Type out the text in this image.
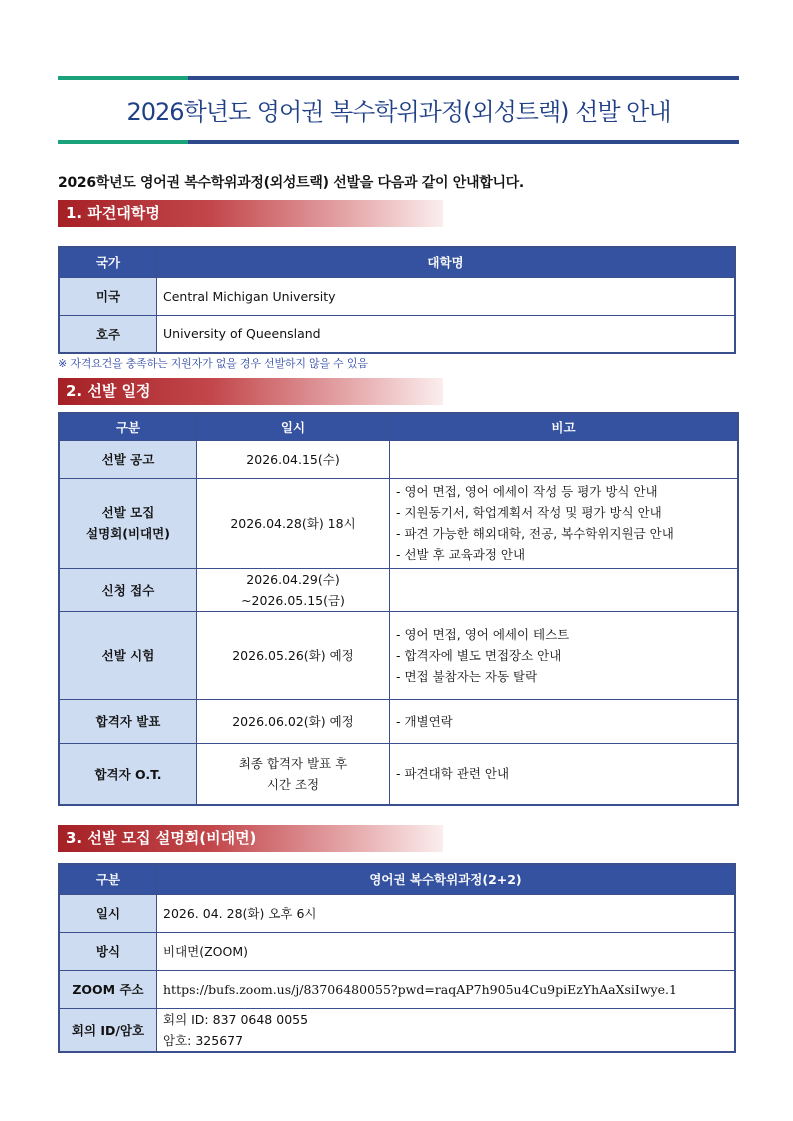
2026학년도 영어권 복수학위과정(외성트랙) 선발 안내
2026학년도 영어권 복수학위과정(외성트랙) 선발을 다음과 같이 안내합니다.
1. 파견대학명
국가	대학명
미국	Central Michigan University
호주	University of Queensland
※ 자격요건을 충족하는 지원자가 없을 경우 선발하지 않을 수 있음
2. 선발 일정
구분	일시	비고
선발 공고	2026.04.15(수)	

선발 모집
설명회(비대면)	2026.04.28(화) 18시	- 영어 면접, 영어 에세이 작성 등 평가 방식 안내
- 지원동기서, 학업계획서 작성 및 평가 방식 안내
- 파견 가능한 해외대학, 전공, 복수학위지원금 안내
- 선발 후 교육과정 안내

신청 접수	2026.04.29(수)
~2026.05.15(금)	

선발 시험	2026.05.26(화) 예정	- 영어 면접, 영어 에세이 테스트
- 합격자에 별도 면접장소 안내
- 면접 불참자는 자동 탈락

합격자 발표	2026.06.02(화) 예정	- 개별연락

합격자 O.T.	최종 합격자 발표 후
시간 조정	- 파견대학 관련 안내
3. 선발 모집 설명회(비대면)
구분	영어권 복수학위과정(2+2)
일시	2026. 04. 28(화) 오후 6시

방식	비대면(ZOOM)

ZOOM 주소	https://bufs.zoom.us/j/83706480055?pwd=raqAP7h905u4Cu9piEzYhAaXsiIwye.1

회의 ID/암호	회의 ID: 837 0648 0055
암호: 325677
